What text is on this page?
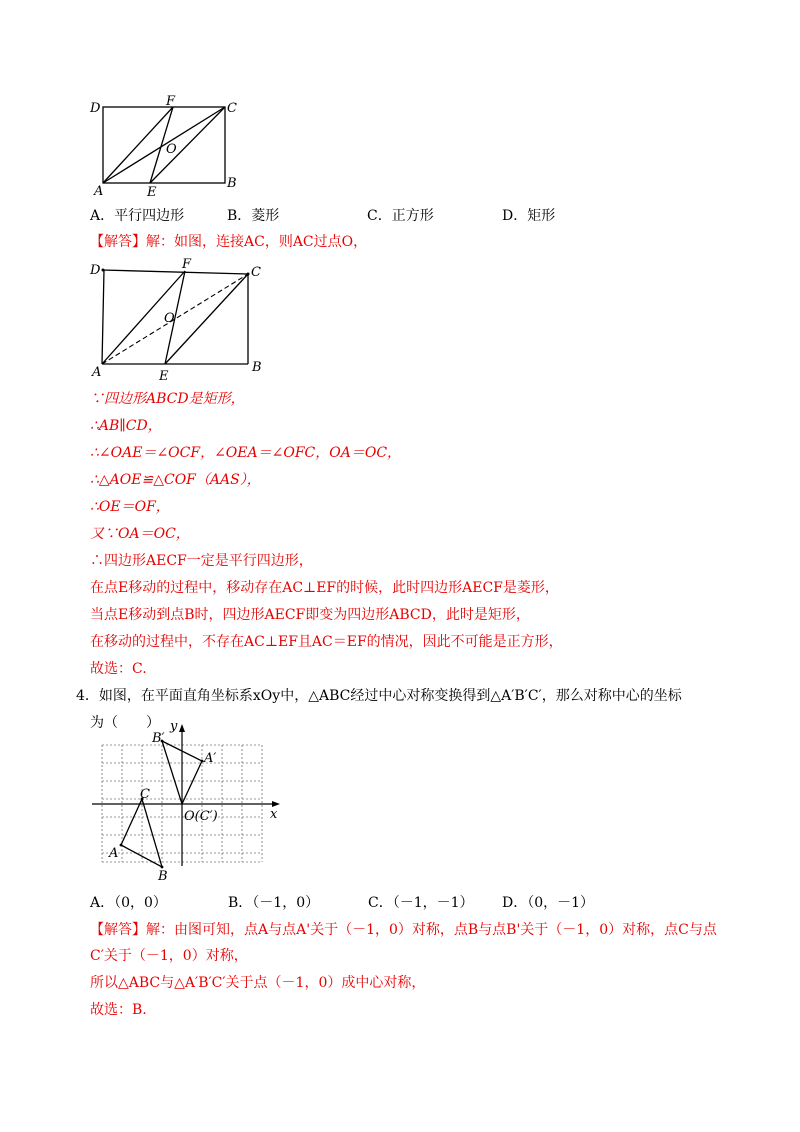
D	F	C
O
A	E
B
A．平行四边形	B．菱形	C．正方形	D．矩形
【解答】解：如图，连接AC，则AC过点O，
D	F
C
O
A	E
B
∵四边形ABCD是矩形，
∴AB∥CD，
∴∠OAE＝∠OCF，∠OEA＝∠OFC，OA＝OC，
∴△AOE≌△COF（AAS），
∴OE＝OF，
又∵OA＝OC，
∴四边形AECF一定是平行四边形，
在点E移动的过程中，移动存在AC⊥EF的时候，此时四边形AECF是菱形，
当点E移动到点B时，四边形AECF即变为四边形ABCD，此时是矩形，
在移动的过程中，不存在AC⊥EF且AC＝EF的情况，因此不可能是正方形，
故选：C.
4．如图，在平面直角坐标系xOy中，△ABC经过中心对称变换得到△A′B′C′，那么对称中心的坐标
为（　　） y
x
B′
A′
C
O(C′)
A
B
A．（0，0）	B．（－1，0）	C．（－1，－1） D．（0，－1）
【解答】解：由图可知，点A与点A'关于（－1，0）对称，点B与点B'关于（－1，0）对称，点C与点
C′关于（－1，0）对称，
所以△ABC与△A′B′C′关于点（－1，0）成中心对称，
故选：B.
